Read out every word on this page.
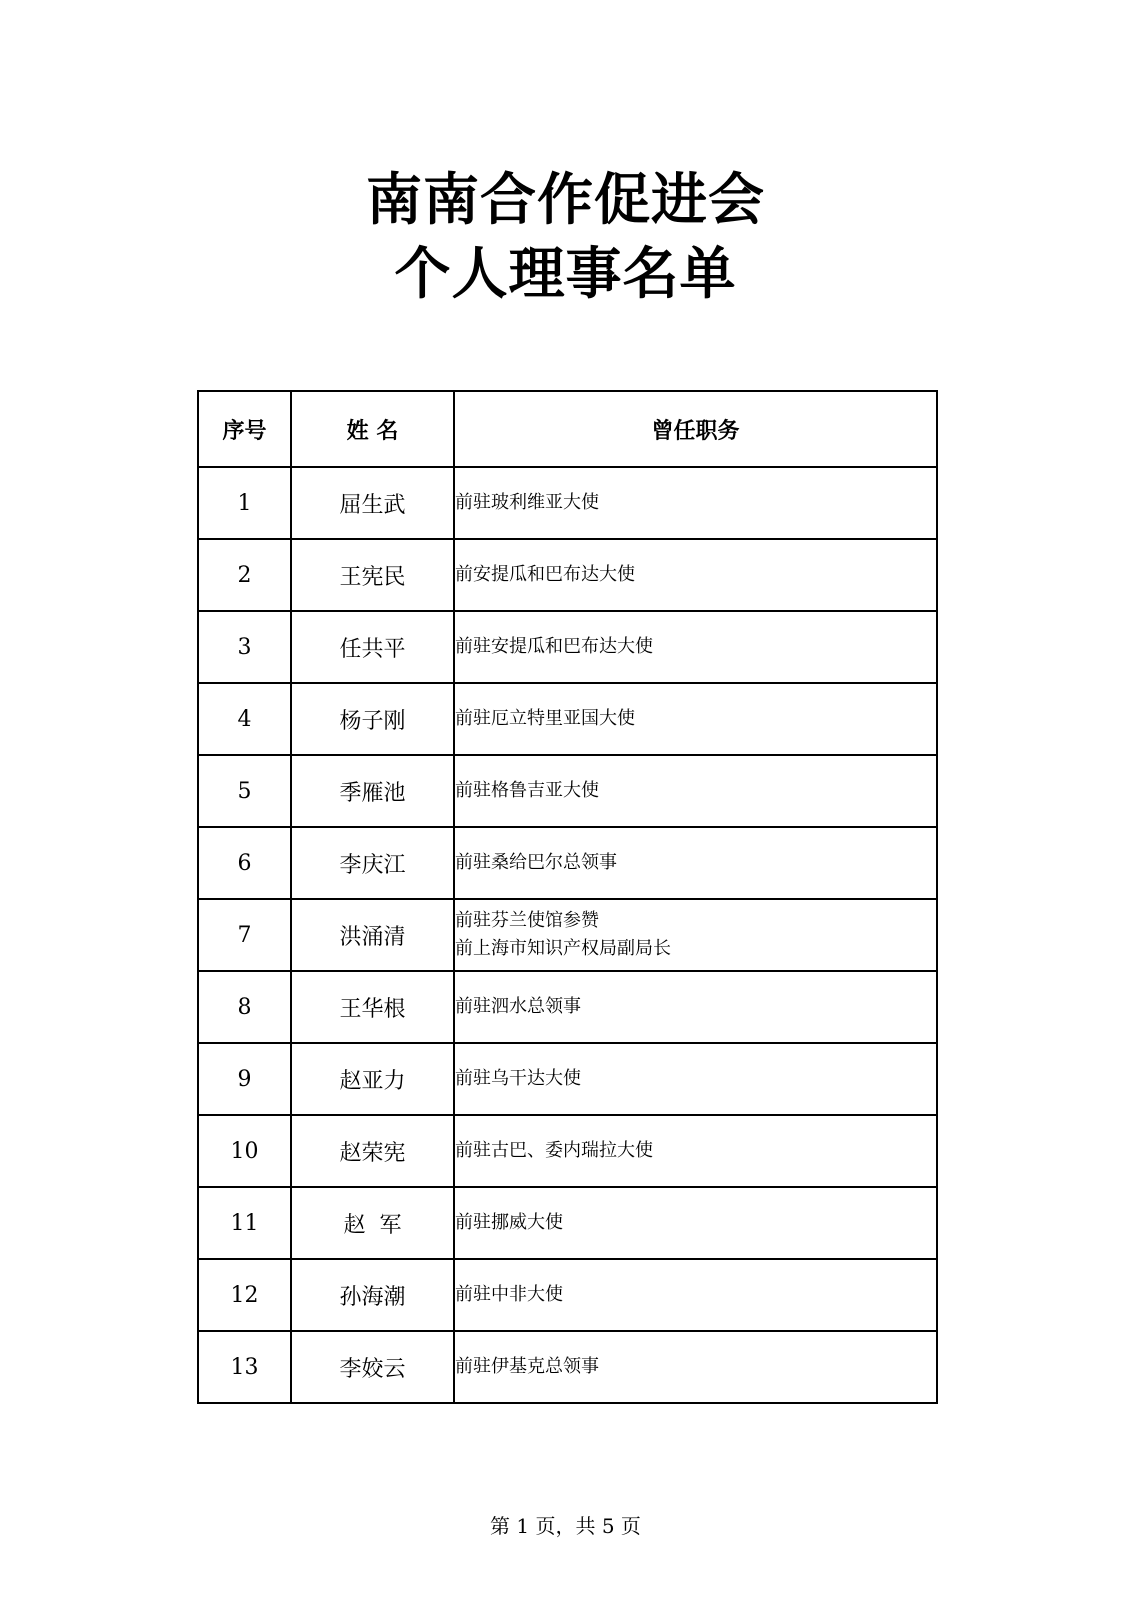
南南合作促进会
个人理事名单
序号	姓 名	曾任职务
1	屈生武	前驻玻利维亚大使

2	王宪民	前安提瓜和巴布达大使

3	任共平	前驻安提瓜和巴布达大使

4	杨子刚	前驻厄立特里亚国大使

5	季雁池	前驻格鲁吉亚大使

6	李庆江	前驻桑给巴尔总领事

7	洪涌清	前驻芬兰使馆参赞
前上海市知识产权局副局长

8	王华根	前驻泗水总领事

9	赵亚力	前驻乌干达大使

10	赵荣宪	前驻古巴、委内瑞拉大使

11	赵  军	前驻挪威大使

12	孙海潮	前驻中非大使

13	李姣云	前驻伊基克总领事
第 1 页，共 5 页
